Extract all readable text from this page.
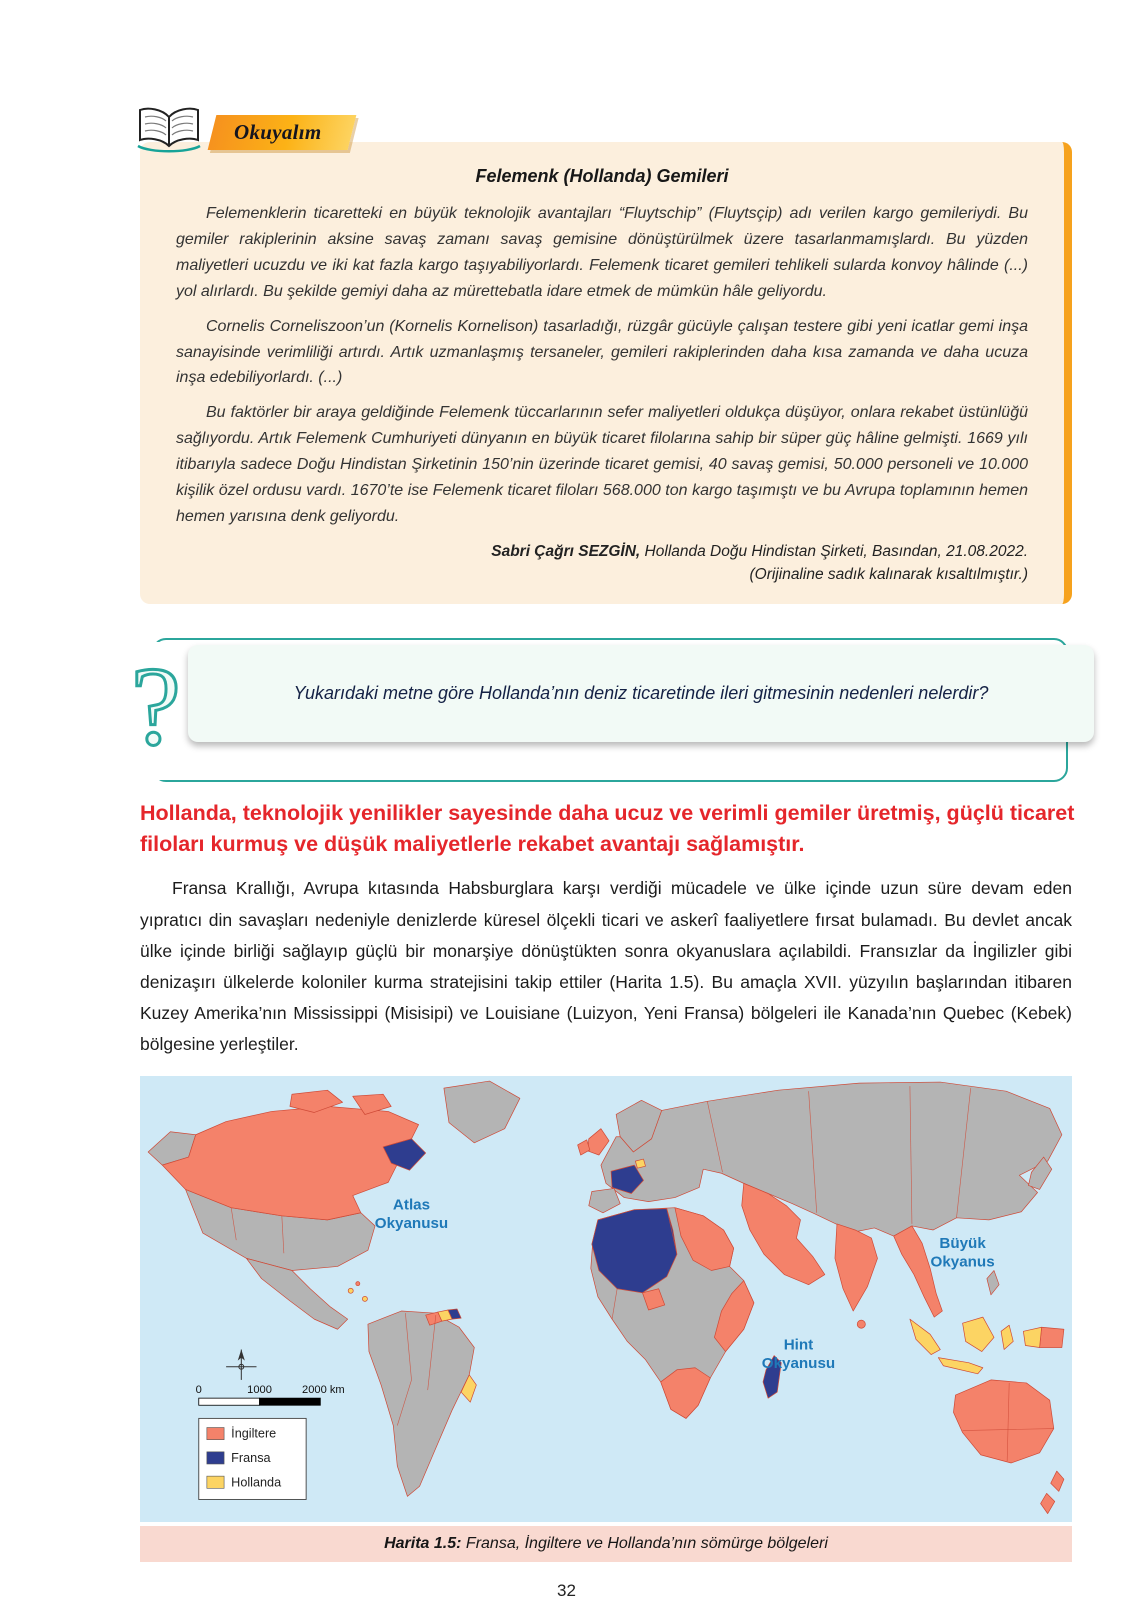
Okuyalım
Felemenk (Hollanda) Gemileri

Felemenklerin ticaretteki en büyük teknolojik avantajları “Fluytschip” (Fluytsçip) adı verilen kargo gemileriydi. Bu gemiler rakiplerinin aksine savaş zamanı savaş gemisine dönüştürülmek üzere tasarlanmamışlardı. Bu yüzden maliyetleri ucuzdu ve iki kat fazla kargo taşıyabiliyorlardı. Felemenk ticaret gemileri tehlikeli sularda konvoy hâlinde (...) yol alırlardı. Bu şekilde gemiyi daha az mürettebatla idare etmek de mümkün hâle geliyordu.

Cornelis Corneliszoon’un (Kornelis Kornelison) tasarladığı, rüzgâr gücüyle çalışan testere gibi yeni icatlar gemi inşa sanayisinde verimliliği artırdı. Artık uzmanlaşmış tersaneler, gemileri rakiplerinden daha kısa zamanda ve daha ucuza inşa edebiliyorlardı. (...)

Bu faktörler bir araya geldiğinde Felemenk tüccarlarının sefer maliyetleri oldukça düşüyor, onlara rekabet üstünlüğü sağlıyordu. Artık Felemenk Cumhuriyeti dünyanın en büyük ticaret filolarına sahip bir süper güç hâline gelmişti. 1669 yılı itibarıyla sadece Doğu Hindistan Şirketinin 150’nin üzerinde ticaret gemisi, 40 savaş gemisi, 50.000 personeli ve 10.000 kişilik özel ordusu vardı. 1670’te ise Felemenk ticaret filoları 568.000 ton kargo taşımıştı ve bu Avrupa toplamının hemen hemen yarısına denk geliyordu.

Sabri Çağrı SEZGİN, Hollanda Doğu Hindistan Şirketi, Basından, 21.08.2022.
(Orijinaline sadık kalınarak kısaltılmıştır.)
?	Yukarıdaki metne göre Hollanda’nın deniz ticaretinde ileri gitmesinin nedenleri nelerdir?
Hollanda, teknolojik yenilikler sayesinde daha ucuz ve verimli gemiler üretmiş, güçlü ticaret filoları kurmuş ve düşük maliyetlerle rekabet avantajı sağlamıştır.

Fransa Krallığı, Avrupa kıtasında Habsburglara karşı verdiği mücadele ve ülke içinde uzun süre devam eden yıpratıcı din savaşları nedeniyle denizlerde küresel ölçekli ticari ve askerî faaliyetlere fırsat bulamadı. Bu devlet ancak ülke içinde birliği sağlayıp güçlü bir monarşiye dönüştükten sonra okyanuslara açılabildi. Fransızlar da İngilizler gibi denizaşırı ülkelerde koloniler kurma stratejisini takip ettiler (Harita 1.5). Bu amaçla XVII. yüzyılın başlarından itibaren Kuzey Amerika’nın Mississippi (Misisipi) ve Louisiane (Luizyon, Yeni Fransa) bölgeleri ile Kanada’nın Quebec (Kebek) bölgesine yerleştiler.

Atlas
Okyanusu
Büyük
Okyanus
Hint
Okyanusu
0	1000	2000 km
İngiltere
Fransa
Hollanda
Harita 1.5: Fransa, İngiltere ve Hollanda’nın sömürge bölgeleri
32
